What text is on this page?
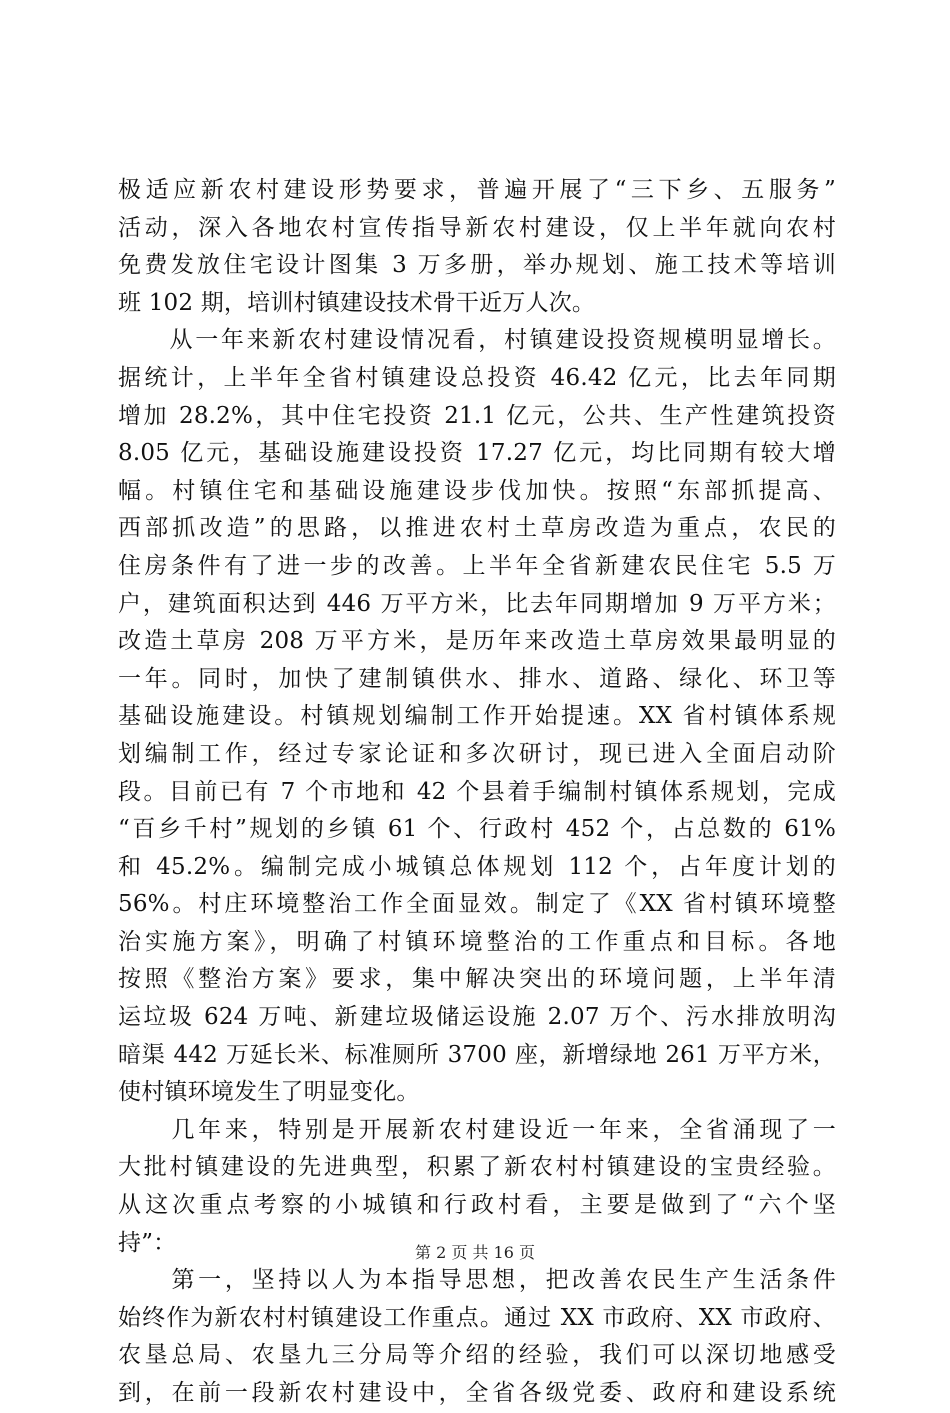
极适应新农村建设形势要求，普遍开展了“三下乡、五服务”
活动，深入各地农村宣传指导新农村建设，仅上半年就向农村
免费发放住宅设计图集 3 万多册，举办规划、施工技术等培训
班 102 期，培训村镇建设技术骨干近万人次。
　　从一年来新农村建设情况看，村镇建设投资规模明显增长。
据统计，上半年全省村镇建设总投资 46.42 亿元，比去年同期
增加 28.2%，其中住宅投资 21.1 亿元，公共、生产性建筑投资
8.05 亿元，基础设施建设投资 17.27 亿元，均比同期有较大增
幅。村镇住宅和基础设施建设步伐加快。按照“东部抓提高、
西部抓改造”的思路，以推进农村土草房改造为重点，农民的
住房条件有了进一步的改善。上半年全省新建农民住宅 5.5 万
户，建筑面积达到 446 万平方米，比去年同期增加 9 万平方米；
改造土草房 208 万平方米，是历年来改造土草房效果最明显的
一年。同时，加快了建制镇供水、排水、道路、绿化、环卫等
基础设施建设。村镇规划编制工作开始提速。XX 省村镇体系规
划编制工作，经过专家论证和多次研讨，现已进入全面启动阶
段。目前已有 7 个市地和 42 个县着手编制村镇体系规划，完成
“百乡千村”规划的乡镇 61 个、行政村 452 个，占总数的 61%
和 45.2%。编制完成小城镇总体规划 112 个，占年度计划的
56%。村庄环境整治工作全面显效。制定了《XX 省村镇环境整
治实施方案》，明确了村镇环境整治的工作重点和目标。各地
按照《整治方案》要求，集中解决突出的环境问题，上半年清
运垃圾 624 万吨、新建垃圾储运设施 2.07 万个、污水排放明沟
暗渠 442 万延长米、标准厕所 3700 座，新增绿地 261 万平方米，
使村镇环境发生了明显变化。
　　几年来，特别是开展新农村建设近一年来，全省涌现了一
大批村镇建设的先进典型，积累了新农村村镇建设的宝贵经验。
从这次重点考察的小城镇和行政村看，主要是做到了“六个坚
持”：
　　第一，坚持以人为本指导思想，把改善农民生产生活条件
始终作为新农村村镇建设工作重点。通过 XX 市政府、XX 市政府、
农垦总局、农垦九三分局等介绍的经验，我们可以深切地感受
到，在前一段新农村建设中，全省各级党委、政府和建设系统
第 2 页 共 16 页
